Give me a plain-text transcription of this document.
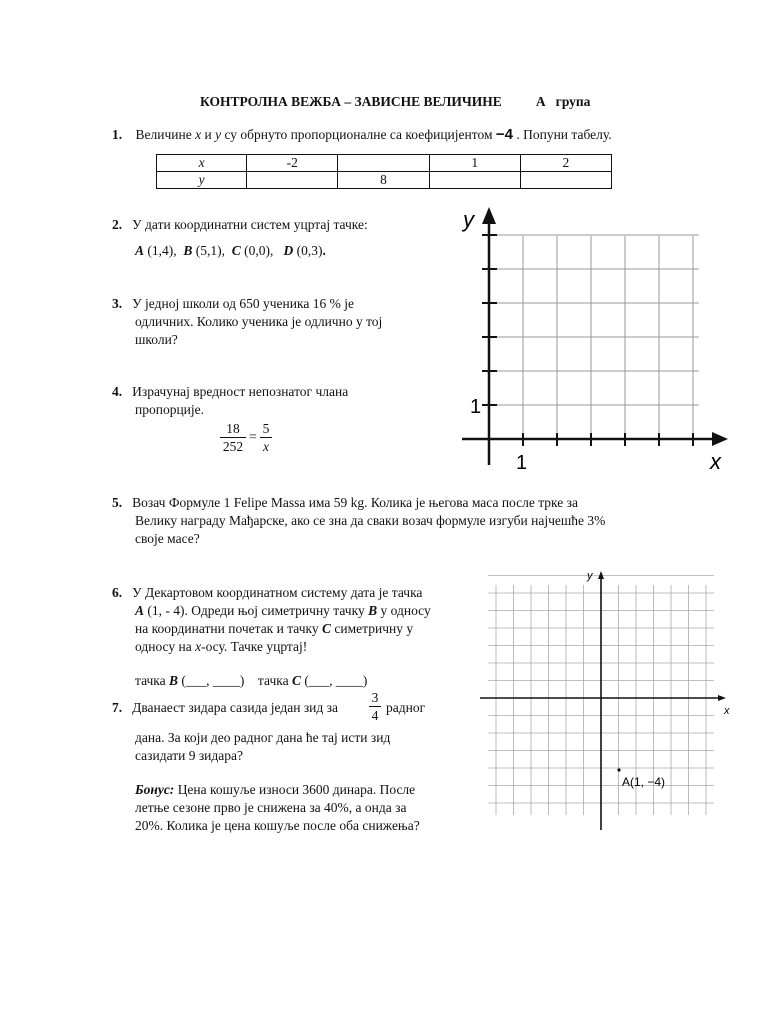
КОНТРОЛНА ВЕЖБА – ЗАВИСНЕ ВЕЛИЧИНЕ	А   група
1. Величине x и y су обрнуто пропорционалне са коефицијентом −4 . Попуни табелу.
x	-2		1	2
y		8		
2. У дати координатни систем уцртај тачке:
A (1,4),  B (5,1),  C (0,0),   D (0,3).
3. У једној школи од 650 ученика 16 % је
одличних. Колико ученика је одлично у тој
школи?
4. Израчунај вредност непознатог члана
пропорције.
18
252
=
5
x
y
x
1
1
5. Возач Формуле 1 Felipe Massa има 59 kg. Колика је његова маса после трке за
Велику награду Мађарске, ако се зна да сваки возач формуле изгуби најчешће 3%
своје масе?
6. У Декартовом координатном систему дата је тачка
A (1, - 4). Одреди њој симетричну тачку B у односу
на координатни почетак и тачку C симетричну у
односу на x-осу. Тачке уцртај!
тачка B (___, ____)    тачка C (___, ____)
y
x
A(1, −4)
7. Дванаест зидара сазида један зид за
3
4
радног
дана. За који део радног дана ће тај исти зид
сазидати 9 зидара?
Бонус: Цена кошуље износи 3600 динара. После
летње сезоне прво је снижена за 40%, а онда за
20%. Колика је цена кошуље после оба снижења?
